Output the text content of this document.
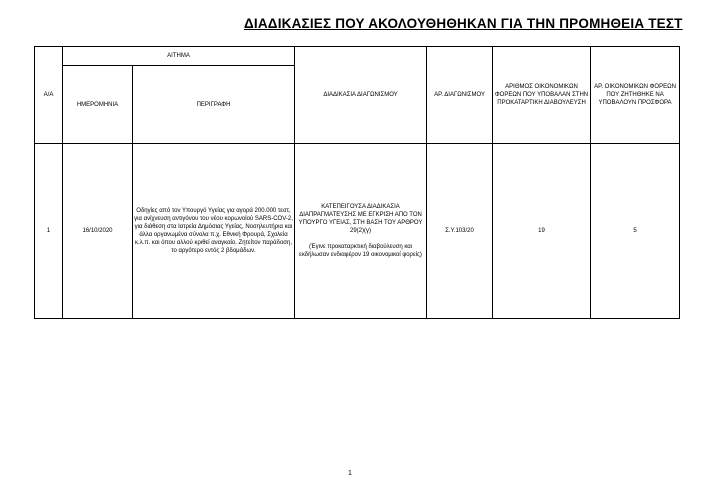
ΔΙΑΔΙΚΑΣΙΕΣ ΠΟΥ ΑΚΟΛΟΥΘΗΘΗΚΑΝ ΓΙΑ ΤΗΝ ΠΡΟΜΗΘΕΙΑ ΤΕΣΤ
Α/Α	ΑΙΤΗΜΑ		ΔΙΑΔΙΚΑΣΙΑ ΔΙΑΓΩΝΙΣΜΟΥ	ΑΡ. ΔΙΑΓΩΝΙΣΜΟΥ	ΑΡΙΘΜΟΣ ΟΙΚΟΝΟΜΙΚΩΝ ΦΟΡΕΩΝ ΠΟΥ ΥΠΟΒΑΛΑΝ ΣΤΗΝ ΠΡΟΚΑΤΑΡΤΙΚΗ ΔΙΑΒΟΥΛΕΥΣΗ	ΑΡ. ΟΙΚΟΝΟΜΙΚΩΝ ΦΟΡΕΩΝ ΠΟΥ ΖΗΤΗΘΗΚΕ ΝΑ ΥΠΟΒΑΛΟΥΝ ΠΡΟΣΦΟΡΑ
	ΗΜΕΡΟΜΗΝΙΑ	ΠΕΡΙΓΡΑΦΗ				
1	16/10/2020	Οδηγίες από τον Υπουργό Υγείας για αγορά 200.000 τεστ, για ανίχνευση αντιγόνου του νέου κορωνοϊού SARS-COV-2, για διάθεση στα Ιατρεία Δημόσιας Υγείας, Νοσηλευτήρια και άλλα οργανωμένα σύνολα π.χ. Εθνική Φρουρά, Σχολεία κ.λ.π. και όπου αλλού κριθεί αναγκαίο. Ζητείτον παράδοση, το αργότερο εντός 2 βδομάδων.	ΚΑΤΕΠΕΙΓΟΥΣΑ ΔΙΑΔΙΚΑΣΙΑ ΔΙΑΠΡΑΓΜΑΤΕΥΣΗΣ ΜΕ ΕΓΚΡΙΣΗ ΑΠΟ ΤΟΝ ΥΠΟΥΡΓΟ ΥΓΕΙΑΣ, ΣΤΗ ΒΑΣΗ ΤΟΥ ΑΡΘΡΟΥ 29(2)(γ)
(Έγινε προκαταρκτική διαβούλευση και εκδήλωσαν ενδιαφέρον 19 οικονομικοί φορείς)	Σ.Υ.103/20	19	5
1
